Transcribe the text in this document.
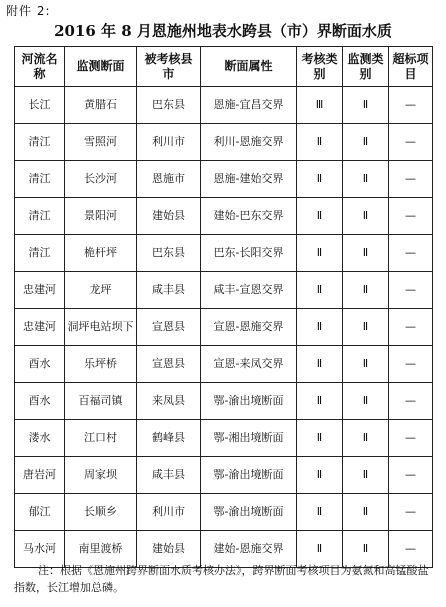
附件 2:
2016 年 8 月恩施州地表水跨县（市）界断面水质
河流名称	监测断面	被考核县市	断面属性	考核类别	监测类别	超标项目
长江	黄腊石	巴东县	恩施-宜昌交界	Ⅲ	Ⅱ	—
清江	雪照河	利川市	利川-恩施交界	Ⅱ	Ⅱ	—
清江	长沙河	恩施市	恩施-建始交界	Ⅱ	Ⅱ	—
清江	景阳河	建始县	建始-巴东交界	Ⅱ	Ⅱ	—
清江	桅杆坪	巴东县	巴东-长阳交界	Ⅱ	Ⅱ	—
忠建河	龙坪	咸丰县	咸丰-宣恩交界	Ⅱ	Ⅱ	—
忠建河	洞坪电站坝下	宣恩县	宣恩-恩施交界	Ⅱ	Ⅱ	—
酉水	乐坪桥	宣恩县	宣恩-来凤交界	Ⅱ	Ⅱ	—
酉水	百福司镇	来凤县	鄂-渝出境断面	Ⅱ	Ⅱ	—
溇水	江口村	鹤峰县	鄂-湘出境断面	Ⅱ	Ⅱ	—
唐岩河	周家坝	咸丰县	鄂-渝出境断面	Ⅱ	Ⅱ	—
郁江	长顺乡	利川市	鄂-渝出境断面	Ⅱ	Ⅱ	—
马水河	南里渡桥	建始县	建始-恩施交界	Ⅱ	Ⅱ	—
注：根据《恩施州跨界断面水质考核办法》，跨界断面考核项目为氨氮和高锰酸盐指数，长江增加总磷。
